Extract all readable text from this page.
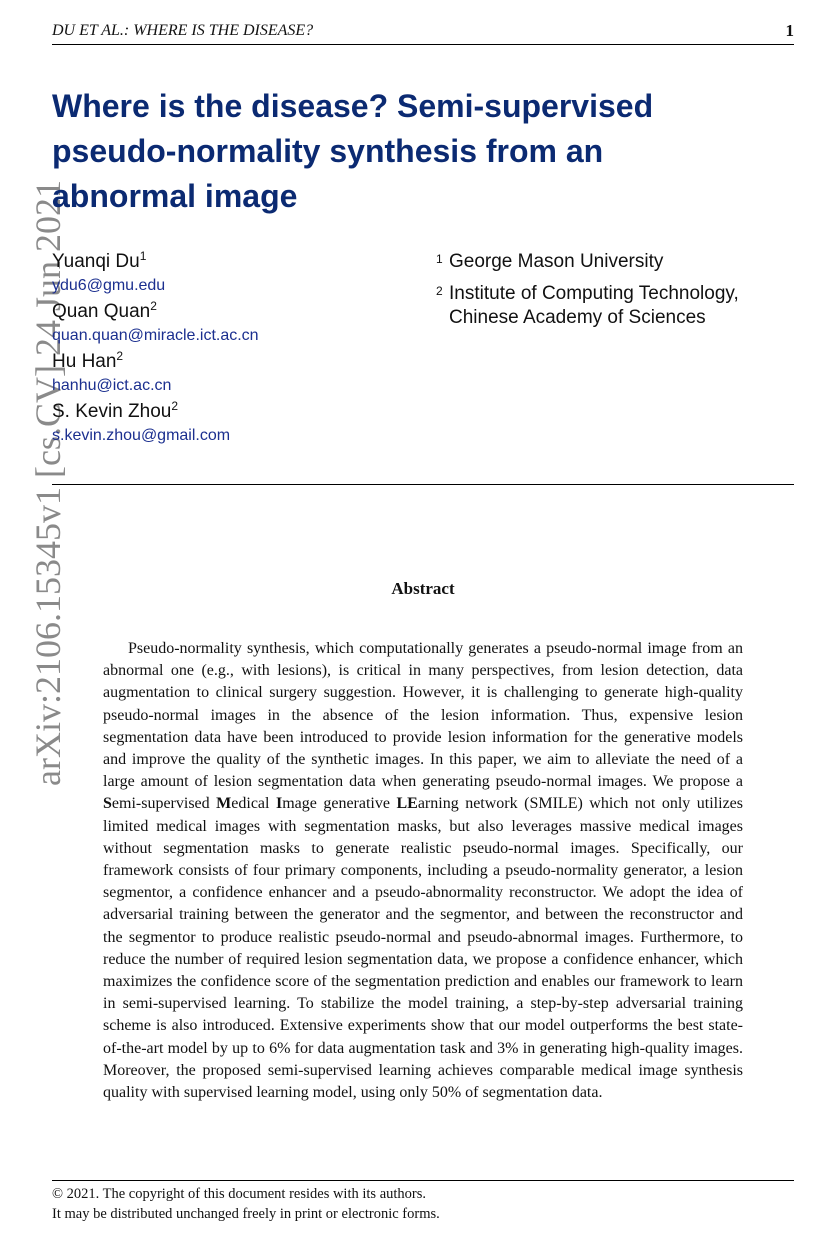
DU ET AL.: WHERE IS THE DISEASE?	1
arXiv:2106.15345v1 [cs.CV] 24 Jun 2021
Where is the disease? Semi-supervised pseudo-normality synthesis from an abnormal image
Yuanqi Du$^1$
ydu6@gmu.edu
Quan Quan$^2$
quan.quan@miracle.ict.ac.cn
Hu Han$^2$
hanhu@ict.ac.cn
S. Kevin Zhou$^2$
s.kevin.zhou@gmail.com
1 George Mason University
2 Institute of Computing Technology, Chinese Academy of Sciences
Abstract

Pseudo-normality synthesis, which computationally generates a pseudo-normal image from an abnormal one (e.g., with lesions), is critical in many perspectives, from lesion detection, data augmentation to clinical surgery suggestion. However, it is challenging to generate high-quality pseudo-normal images in the absence of the lesion information. Thus, expensive lesion segmentation data have been introduced to provide lesion information for the generative models and improve the quality of the synthetic images. In this paper, we aim to alleviate the need of a large amount of lesion segmentation data when generating pseudo-normal images. We propose a Semi-supervised Medical Image generative LEarning network (SMILE) which not only utilizes limited medical images with segmentation masks, but also leverages massive medical images without segmentation masks to generate realistic pseudo-normal images. Specifically, our framework consists of four primary components, including a pseudo-normality generator, a lesion segmentor, a confidence enhancer and a pseudo-abnormality reconstructor. We adopt the idea of adversarial training between the generator and the segmentor, and between the reconstructor and the segmentor to produce realistic pseudo-normal and pseudo-abnormal images. Furthermore, to reduce the number of required lesion segmentation data, we propose a confidence enhancer, which maximizes the confidence score of the segmentation prediction and enables our framework to learn in semi-supervised learning. To stabilize the model training, a step-by-step adversarial training scheme is also introduced. Extensive experiments show that our model outperforms the best state-of-the-art model by up to 6% for data augmentation task and 3% in generating high-quality images. Moreover, the proposed semi-supervised learning achieves comparable medical image synthesis quality with supervised learning model, using only 50% of segmentation data.

© 2021. The copyright of this document resides with its authors.
It may be distributed unchanged freely in print or electronic forms.
